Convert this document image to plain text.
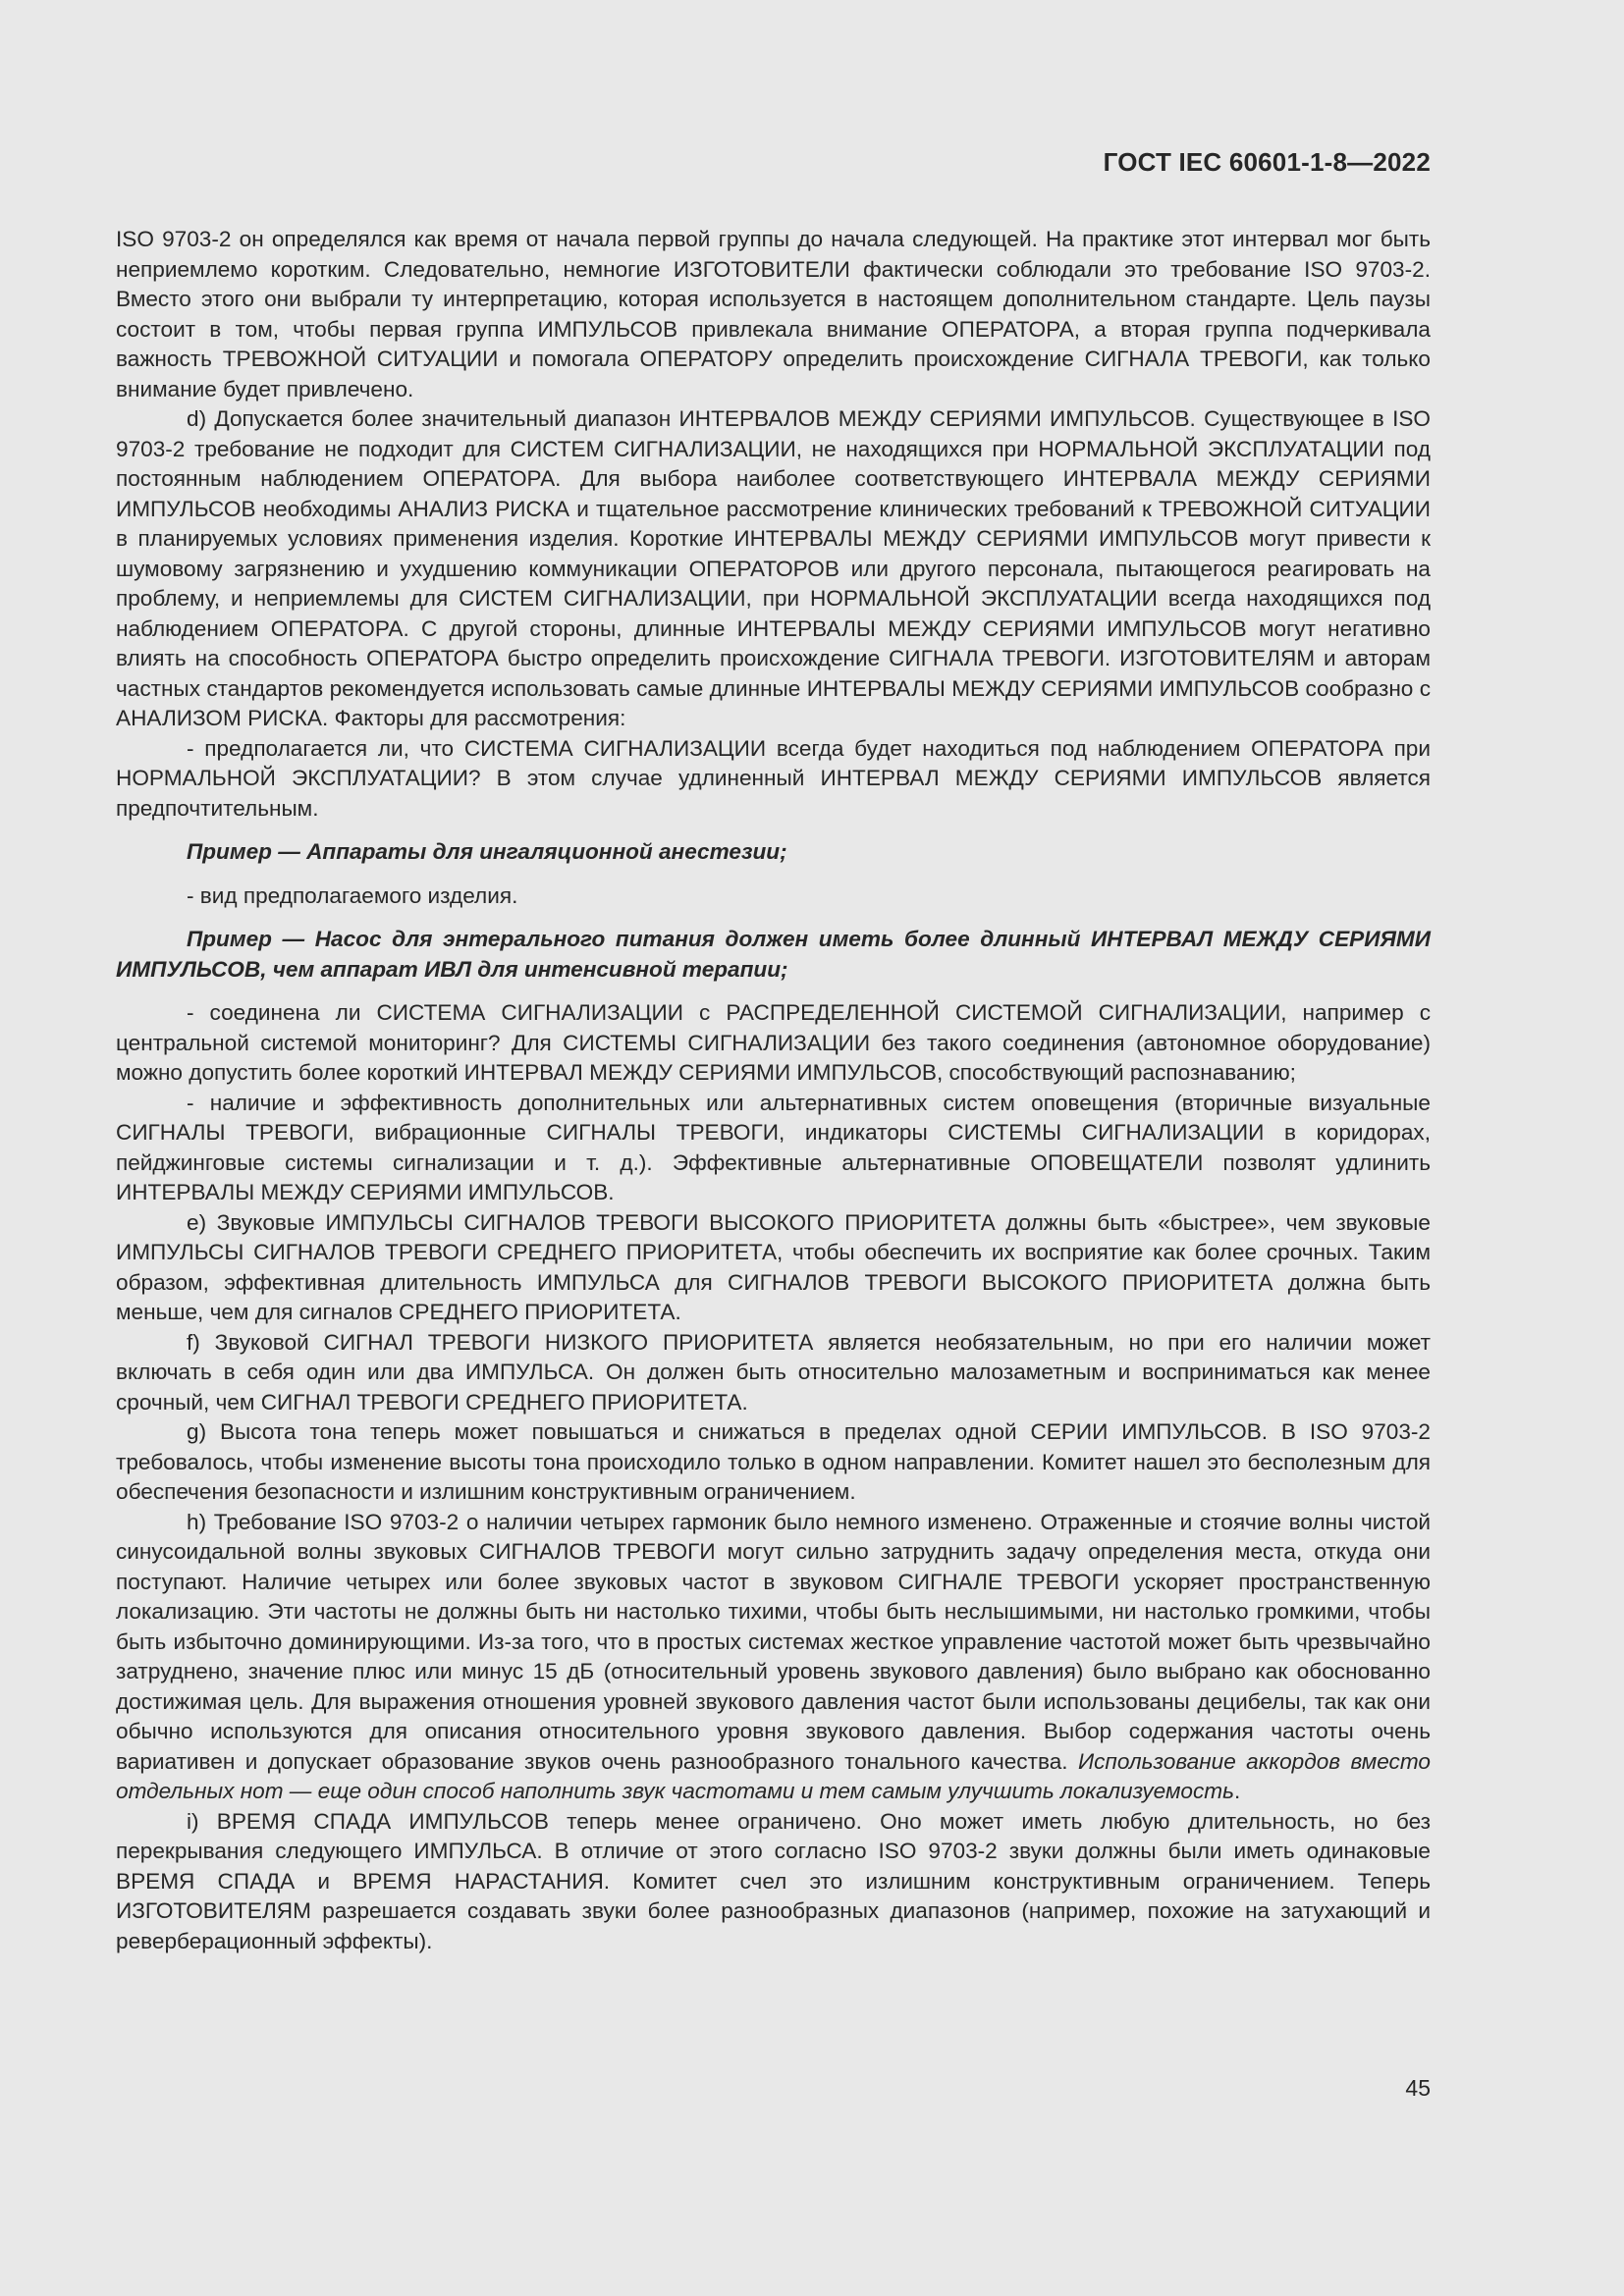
ГОСТ IEC 60601-1-8—2022

ISO 9703-2 он определялся как время от начала первой группы до начала следующей. На практике этот интервал мог быть неприемлемо коротким. Следовательно, немногие ИЗГОТОВИТЕЛИ фактически соблюдали это требование ISO 9703-2. Вместо этого они выбрали ту интерпретацию, которая используется в настоящем дополнительном стандарте. Цель паузы состоит в том, чтобы первая группа ИМПУЛЬСОВ привлекала внимание ОПЕРАТОРА, а вторая группа подчеркивала важность ТРЕВОЖНОЙ СИТУАЦИИ и помогала ОПЕРАТОРУ определить происхождение СИГНАЛА ТРЕВОГИ, как только внимание будет привлечено.

d) Допускается более значительный диапазон ИНТЕРВАЛОВ МЕЖДУ СЕРИЯМИ ИМПУЛЬСОВ. Существующее в ISO 9703-2 требование не подходит для СИСТЕМ СИГНАЛИЗАЦИИ, не находящихся при НОРМАЛЬНОЙ ЭКСПЛУАТАЦИИ под постоянным наблюдением ОПЕРАТОРА. Для выбора наиболее соответствующего ИНТЕРВАЛА МЕЖДУ СЕРИЯМИ ИМПУЛЬСОВ необходимы АНАЛИЗ РИСКА и тщательное рассмотрение клинических требований к ТРЕВОЖНОЙ СИТУАЦИИ в планируемых условиях применения изделия. Короткие ИНТЕРВАЛЫ МЕЖДУ СЕРИЯМИ ИМПУЛЬСОВ могут привести к шумовому загрязнению и ухудшению коммуникации ОПЕРАТОРОВ или другого персонала, пытающегося реагировать на проблему, и неприемлемы для СИСТЕМ СИГНАЛИЗАЦИИ, при НОРМАЛЬНОЙ ЭКСПЛУАТАЦИИ всегда находящихся под наблюдением ОПЕРАТОРА. С другой стороны, длинные ИНТЕРВАЛЫ МЕЖДУ СЕРИЯМИ ИМПУЛЬСОВ могут негативно влиять на способность ОПЕРАТОРА быстро определить происхождение СИГНАЛА ТРЕВОГИ. ИЗГОТОВИТЕЛЯМ и авторам частных стандартов рекомендуется использовать самые длинные ИНТЕРВАЛЫ МЕЖДУ СЕРИЯМИ ИМПУЛЬСОВ сообразно с АНАЛИЗОМ РИСКА. Факторы для рассмотрения:

- предполагается ли, что СИСТЕМА СИГНАЛИЗАЦИИ всегда будет находиться под наблюдением ОПЕРАТОРА при НОРМАЛЬНОЙ ЭКСПЛУАТАЦИИ? В этом случае удлиненный ИНТЕРВАЛ МЕЖДУ СЕРИЯМИ ИМПУЛЬСОВ является предпочтительным.

Пример — Аппараты для ингаляционной анестезии;

- вид предполагаемого изделия.

Пример — Насос для энтерального питания должен иметь более длинный ИНТЕРВАЛ МЕЖДУ СЕРИЯМИ ИМПУЛЬСОВ, чем аппарат ИВЛ для интенсивной терапии;

- соединена ли СИСТЕМА СИГНАЛИЗАЦИИ с РАСПРЕДЕЛЕННОЙ СИСТЕМОЙ СИГНАЛИЗАЦИИ, например с центральной системой мониторинг? Для СИСТЕМЫ СИГНАЛИЗАЦИИ без такого соединения (автономное оборудование) можно допустить более короткий ИНТЕРВАЛ МЕЖДУ СЕРИЯМИ ИМПУЛЬСОВ, способствующий распознаванию;

- наличие и эффективность дополнительных или альтернативных систем оповещения (вторичные визуальные СИГНАЛЫ ТРЕВОГИ, вибрационные СИГНАЛЫ ТРЕВОГИ, индикаторы СИСТЕМЫ СИГНАЛИЗАЦИИ в коридорах, пейджинговые системы сигнализации и т. д.). Эффективные альтернативные ОПОВЕЩАТЕЛИ позволят удлинить ИНТЕРВАЛЫ МЕЖДУ СЕРИЯМИ ИМПУЛЬСОВ.

e) Звуковые ИМПУЛЬСЫ СИГНАЛОВ ТРЕВОГИ ВЫСОКОГО ПРИОРИТЕТА должны быть «быстрее», чем звуковые ИМПУЛЬСЫ СИГНАЛОВ ТРЕВОГИ СРЕДНЕГО ПРИОРИТЕТА, чтобы обеспечить их восприятие как более срочных. Таким образом, эффективная длительность ИМПУЛЬСА для СИГНАЛОВ ТРЕВОГИ ВЫСОКОГО ПРИОРИТЕТА должна быть меньше, чем для сигналов СРЕДНЕГО ПРИОРИТЕТА.

f) Звуковой СИГНАЛ ТРЕВОГИ НИЗКОГО ПРИОРИТЕТА является необязательным, но при его наличии может включать в себя один или два ИМПУЛЬСА. Он должен быть относительно малозаметным и восприниматься как менее срочный, чем СИГНАЛ ТРЕВОГИ СРЕДНЕГО ПРИОРИТЕТА.

g) Высота тона теперь может повышаться и снижаться в пределах одной СЕРИИ ИМПУЛЬСОВ. В ISO 9703-2 требовалось, чтобы изменение высоты тона происходило только в одном направлении. Комитет нашел это бесполезным для обеспечения безопасности и излишним конструктивным ограничением.

h) Требование ISO 9703-2 о наличии четырех гармоник было немного изменено. Отраженные и стоячие волны чистой синусоидальной волны звуковых СИГНАЛОВ ТРЕВОГИ могут сильно затруднить задачу определения места, откуда они поступают. Наличие четырех или более звуковых частот в звуковом СИГНАЛЕ ТРЕВОГИ ускоряет пространственную локализацию. Эти частоты не должны быть ни настолько тихими, чтобы быть неслышимыми, ни настолько громкими, чтобы быть избыточно доминирующими. Из-за того, что в простых системах жесткое управление частотой может быть чрезвычайно затруднено, значение плюс или минус 15 дБ (относительный уровень звукового давления) было выбрано как обоснованно достижимая цель. Для выражения отношения уровней звукового давления частот были использованы децибелы, так как они обычно используются для описания относительного уровня звукового давления. Выбор содержания частоты очень вариативен и допускает образование звуков очень разнообразного тонального качества. Использование аккордов вместо отдельных нот — еще один способ наполнить звук частотами и тем самым улучшить локализуемость.

i) ВРЕМЯ СПАДА ИМПУЛЬСОВ теперь менее ограничено. Оно может иметь любую длительность, но без перекрывания следующего ИМПУЛЬСА. В отличие от этого согласно ISO 9703-2 звуки должны были иметь одинаковые ВРЕМЯ СПАДА и ВРЕМЯ НАРАСТАНИЯ. Комитет счел это излишним конструктивным ограничением. Теперь ИЗГОТОВИТЕЛЯМ разрешается создавать звуки более разнообразных диапазонов (например, похожие на затухающий и реверберационный эффекты).

45
